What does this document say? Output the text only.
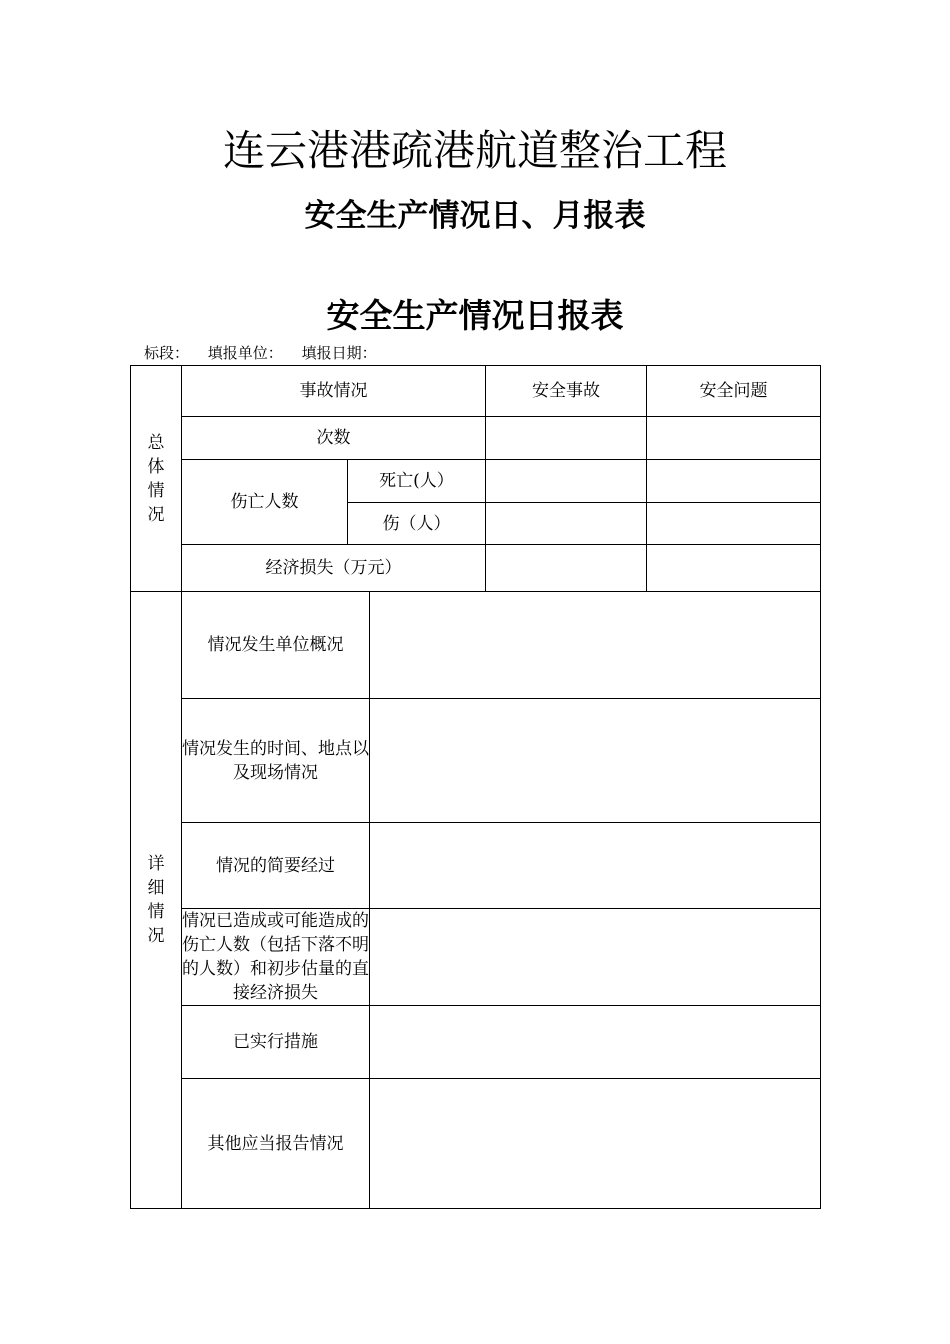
连云港港疏港航道整治工程
安全生产情况日、月报表
安全生产情况日报表
标段： 填报单位： 填报日期：
总
体
情
况	事故情况		安全事故	安全问题
	次数			
	伤亡人数	死亡(人）		
		伤（人）		
	经济损失（万元）			
详
细
情
况	情况发生单位概况	
	情况发生的时间、地点以及现场情况	
	情况的简要经过	
	情况已造成或可能造成的伤亡人数（包括下落不明的人数）和初步估量的直接经济损失	
	已实行措施	
	其他应当报告情况	
